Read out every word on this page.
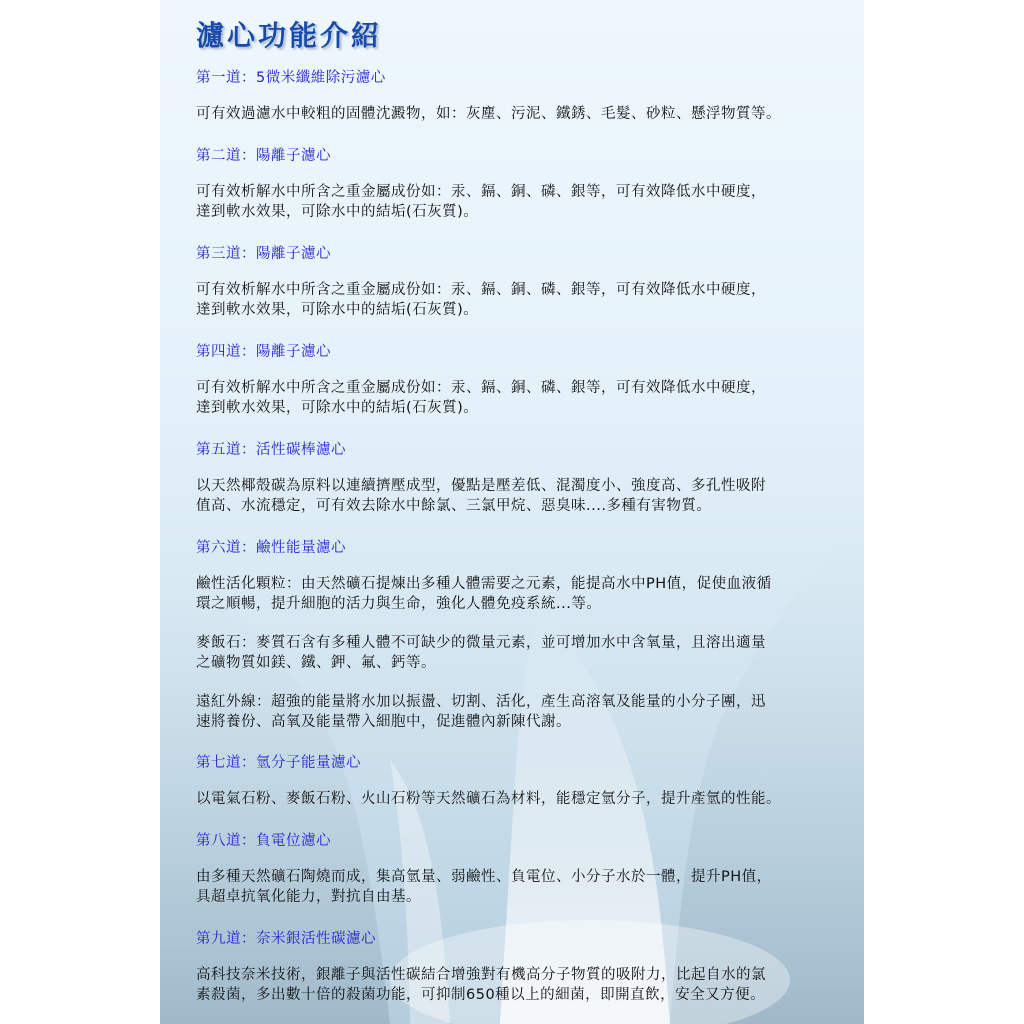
濾心功能介紹
第一道：5微米纖維除污濾心
可有效過濾水中較粗的固體沈澱物，如：灰塵、污泥、鐵銹、毛髮、砂粒、懸浮物質等。
第二道：陽離子濾心
可有效析解水中所含之重金屬成份如：汞、鎘、銅、磷、銀等，可有效降低水中硬度，
達到軟水效果，可除水中的結垢(石灰質)。
第三道：陽離子濾心
可有效析解水中所含之重金屬成份如：汞、鎘、銅、磷、銀等，可有效降低水中硬度，
達到軟水效果，可除水中的結垢(石灰質)。
第四道：陽離子濾心
可有效析解水中所含之重金屬成份如：汞、鎘、銅、磷、銀等，可有效降低水中硬度，
達到軟水效果，可除水中的結垢(石灰質)。
第五道：活性碳棒濾心
以天然椰殼碳為原料以連續擠壓成型，優點是壓差低、混濁度小、強度高、多孔性吸附
值高、水流穩定，可有效去除水中餘氯、三氯甲烷、惡臭味....多種有害物質。
第六道：鹼性能量濾心
鹼性活化顆粒：由天然礦石提煉出多種人體需要之元素，能提高水中PH值，促使血液循
環之順暢，提升細胞的活力與生命，強化人體免疫系統...等。
麥飯石：麥質石含有多種人體不可缺少的微量元素，並可增加水中含氧量，且溶出適量
之礦物質如鎂、鐵、鉀、氟、鈣等。
遠紅外線：超強的能量將水加以振盪、切割、活化，產生高溶氧及能量的小分子團，迅
速將養份、高氧及能量帶入細胞中，促進體內新陳代謝。
第七道：氫分子能量濾心
以電氣石粉、麥飯石粉、火山石粉等天然礦石為材料，能穩定氫分子，提升產氫的性能。
第八道：負電位濾心
由多種天然礦石陶燒而成，集高氫量、弱鹼性、負電位、小分子水於一體，提升PH值，
具超卓抗氧化能力，對抗自由基。
第九道：奈米銀活性碳濾心
高科技奈米技術，銀離子與活性碳結合增強對有機高分子物質的吸附力，比起自水的氯
素殺菌，多出數十倍的殺菌功能，可抑制650種以上的細菌，即開直飲，安全又方便。
